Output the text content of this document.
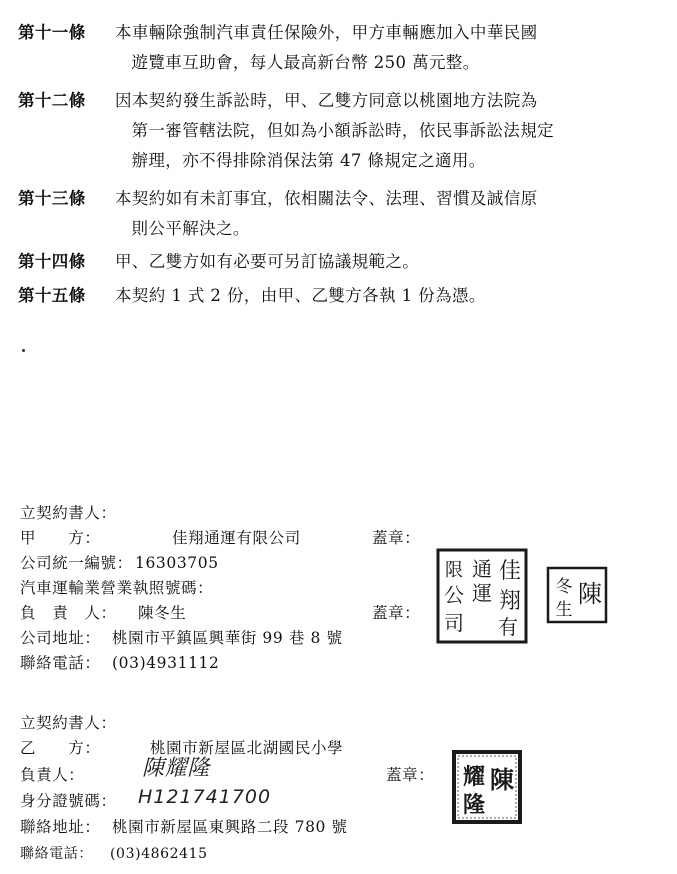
第十一條 本車輛除強制汽車責任保險外，甲方車輛應加入中華民國
遊覽車互助會，每人最高新台幣 250 萬元整。
第十二條 因本契約發生訴訟時，甲、乙雙方同意以桃園地方法院為
第一審管轄法院，但如為小額訴訟時，依民事訴訟法規定
辦理，亦不得排除消保法第 47 條規定之適用。
第十三條 本契約如有未訂事宜，依相關法令、法理、習慣及誠信原
則公平解決之。
第十四條 甲、乙雙方如有必要可另訂協議規範之。
第十五條 本契約 1 式 2 份，由甲、乙雙方各執 1 份為憑。
立契約書人：
甲　　方：	佳翔通運有限公司	蓋章：
公司統一編號： 16303705
汽車運輸業營業執照號碼：
負　責　人： 陳冬生	蓋章：
公司地址： 桃園市平鎮區興華街 99 巷 8 號
聯絡電話： (03)4931112
佳
翔
通
運
有
限
公
司
陳
冬
生
立契約書人：
乙　　方：	桃園市新屋區北湖國民小學
負責人：	陳耀隆	蓋章：
身分證號碼： H121741700
聯絡地址： 桃園市新屋區東興路二段 780 號
聯絡電話： (03)4862415
陳
耀
隆
